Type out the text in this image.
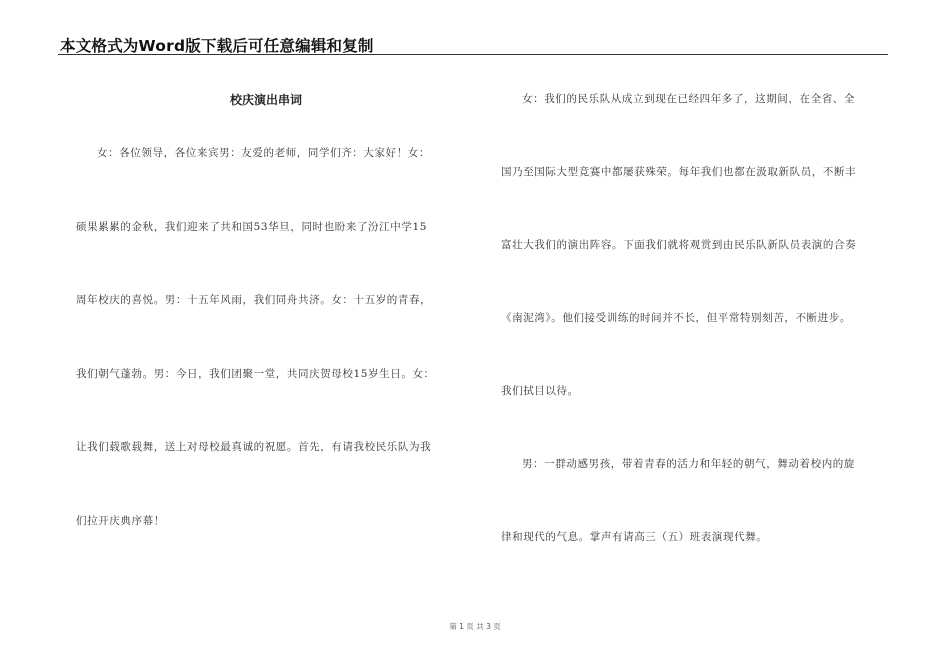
本文格式为Word版下载后可任意编辑和复制
校庆演出串词
女：各位领导，各位来宾男：友爱的老师，同学们齐：大家好！女：
硕果累累的金秋，我们迎来了共和国53华旦，同时也盼来了汾江中学15
周年校庆的喜悦。男：十五年风雨，我们同舟共济。女：十五岁的青春，
我们朝气蓬勃。男：今日，我们团聚一堂，共同庆贺母校15岁生日。女：
让我们载歌载舞，送上对母校最真诚的祝愿。首先，有请我校民乐队为我
们拉开庆典序幕！
女：我们的民乐队从成立到现在已经四年多了，这期间，在全省、全
国乃至国际大型竞赛中都屡获殊荣。每年我们也都在汲取新队员，不断丰
富壮大我们的演出阵容。下面我们就将观赏到由民乐队新队员表演的合奏
《南泥湾》。他们接受训练的时间并不长，但平常特别刻苦，不断进步。
我们拭目以待。
男：一群动感男孩，带着青春的活力和年轻的朝气，舞动着校内的旋
律和现代的气息。掌声有请高三（五）班表演现代舞。
第 1 页 共 3 页
